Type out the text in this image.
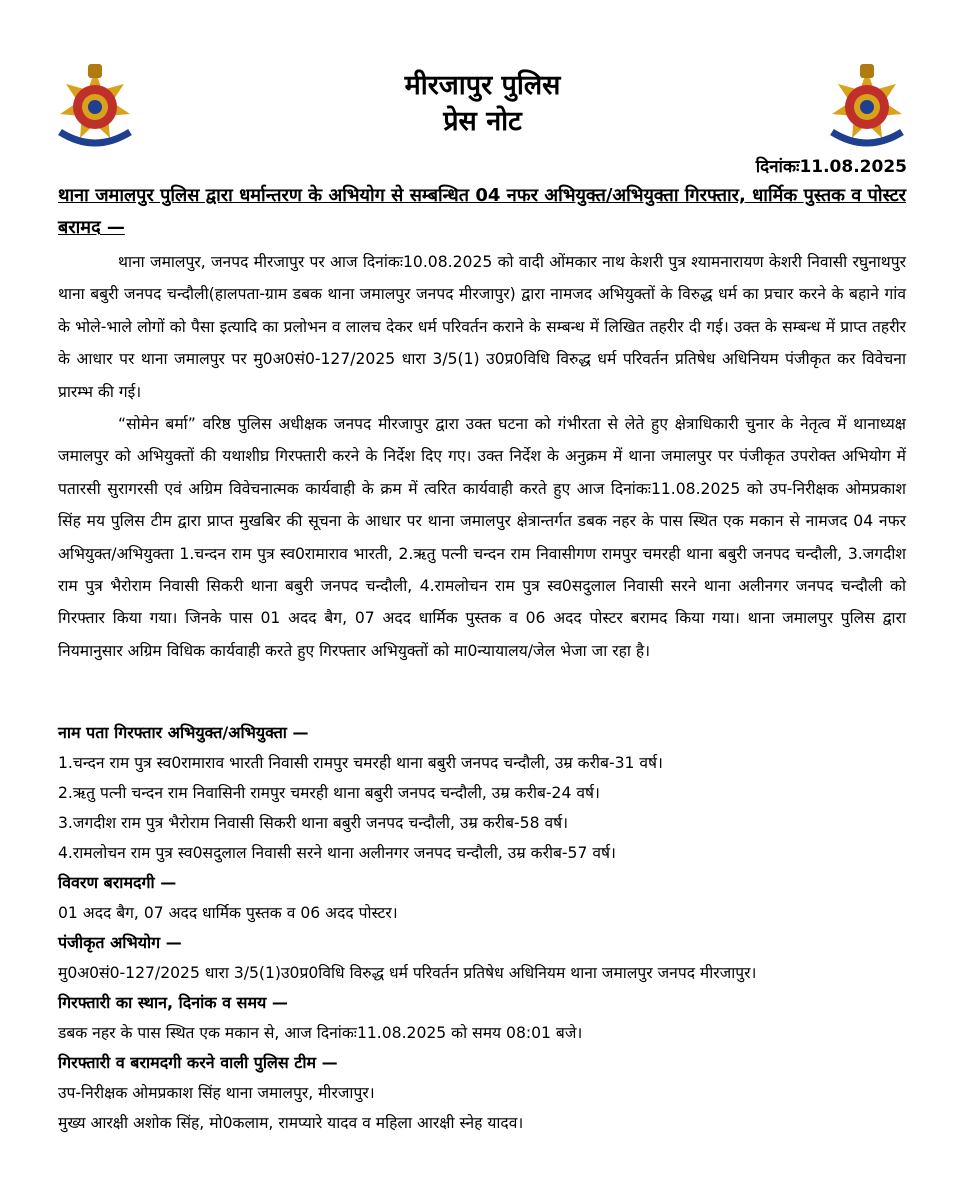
मीरजापुर पुलिस
प्रेस नोट
दिनांकः11.08.2025
थाना जमालपुर पुलिस द्वारा धर्मान्तरण के अभियोग से सम्बन्धित 04 नफर अभियुक्त/अभियुक्ता गिरफ्तार, धार्मिक पुस्तक व पोस्टर बरामद —

थाना जमालपुर, जनपद मीरजापुर पर आज दिनांकः10.08.2025 को वादी ओंमकार नाथ केशरी पुत्र श्यामनारायण केशरी निवासी रघुनाथपुर थाना बबुरी जनपद चन्दौली(हालपता-ग्राम डबक थाना जमालपुर जनपद मीरजापुर) द्वारा नामजद अभियुक्तों के विरुद्ध धर्म का प्रचार करने के बहाने गांव के भोले-भाले लोगों को पैसा इत्यादि का प्रलोभन व लालच देकर धर्म परिवर्तन कराने के सम्बन्ध में लिखित तहरीर दी गई। उक्त के सम्बन्ध में प्राप्त तहरीर के आधार पर थाना जमालपुर पर मु0अ0सं0-127/2025 धारा 3/5(1) उ0प्र0विधि विरुद्ध धर्म परिवर्तन प्रतिषेध अधिनियम पंजीकृत कर विवेचना प्रारम्भ की गई।

“सोमेन बर्मा” वरिष्ठ पुलिस अधीक्षक जनपद मीरजापुर द्वारा उक्त घटना को गंभीरता से लेते हुए क्षेत्राधिकारी चुनार के नेतृत्व में थानाध्यक्ष जमालपुर को अभियुक्तों की यथाशीघ्र गिरफ्तारी करने के निर्देश दिए गए। उक्त निर्देश के अनुक्रम में थाना जमालपुर पर पंजीकृत उपरोक्त अभियोग में पतारसी सुरागरसी एवं अग्रिम विवेचनात्मक कार्यवाही के क्रम में त्वरित कार्यवाही करते हुए आज दिनांकः11.08.2025 को उप-निरीक्षक ओमप्रकाश सिंह मय पुलिस टीम द्वारा प्राप्त मुखबिर की सूचना के आधार पर थाना जमालपुर क्षेत्रान्तर्गत डबक नहर के पास स्थित एक मकान से नामजद 04 नफर अभियुक्त/अभियुक्ता 1.चन्दन राम पुत्र स्व0रामाराव भारती, 2.ऋतु पत्नी चन्दन राम निवासीगण रामपुर चमरही थाना बबुरी जनपद चन्दौली, 3.जगदीश राम पुत्र भैरोराम निवासी सिकरी थाना बबुरी जनपद चन्दौली, 4.रामलोचन राम पुत्र स्व0सदुलाल निवासी सरने थाना अलीनगर जनपद चन्दौली को गिरफ्तार किया गया। जिनके पास 01 अदद बैग, 07 अदद धार्मिक पुस्तक व 06 अदद पोस्टर बरामद किया गया। थाना जमालपुर पुलिस द्वारा नियमानुसार अग्रिम विधिक कार्यवाही करते हुए गिरफ्तार अभियुक्तों को मा0न्यायालय/जेल भेजा जा रहा है।

नाम पता गिरफ्तार अभियुक्त/अभियुक्ता —

1.चन्दन राम पुत्र स्व0रामाराव भारती निवासी रामपुर चमरही थाना बबुरी जनपद चन्दौली, उम्र करीब-31 वर्ष।

2.ऋतु पत्नी चन्दन राम निवासिनी रामपुर चमरही थाना बबुरी जनपद चन्दौली, उम्र करीब-24 वर्ष।

3.जगदीश राम पुत्र भैरोराम निवासी सिकरी थाना बबुरी जनपद चन्दौली, उम्र करीब-58 वर्ष।

4.रामलोचन राम पुत्र स्व0सदुलाल निवासी सरने थाना अलीनगर जनपद चन्दौली, उम्र करीब-57 वर्ष।

विवरण बरामदगी —

01 अदद बैग, 07 अदद धार्मिक पुस्तक व 06 अदद पोस्टर।

पंजीकृत अभियोग —

मु0अ0सं0-127/2025 धारा 3/5(1)उ0प्र0विधि विरुद्ध धर्म परिवर्तन प्रतिषेध अधिनियम थाना जमालपुर जनपद मीरजापुर।

गिरफ्तारी का स्थान, दिनांक व समय —

डबक नहर के पास स्थित एक मकान से, आज दिनांकः11.08.2025 को समय 08:01 बजे।

गिरफ्तारी व बरामदगी करने वाली पुलिस टीम —

उप-निरीक्षक ओमप्रकाश सिंह थाना जमालपुर, मीरजापुर।

मुख्य आरक्षी अशोक सिंह, मो0कलाम, रामप्यारे यादव व महिला आरक्षी स्नेह यादव।
